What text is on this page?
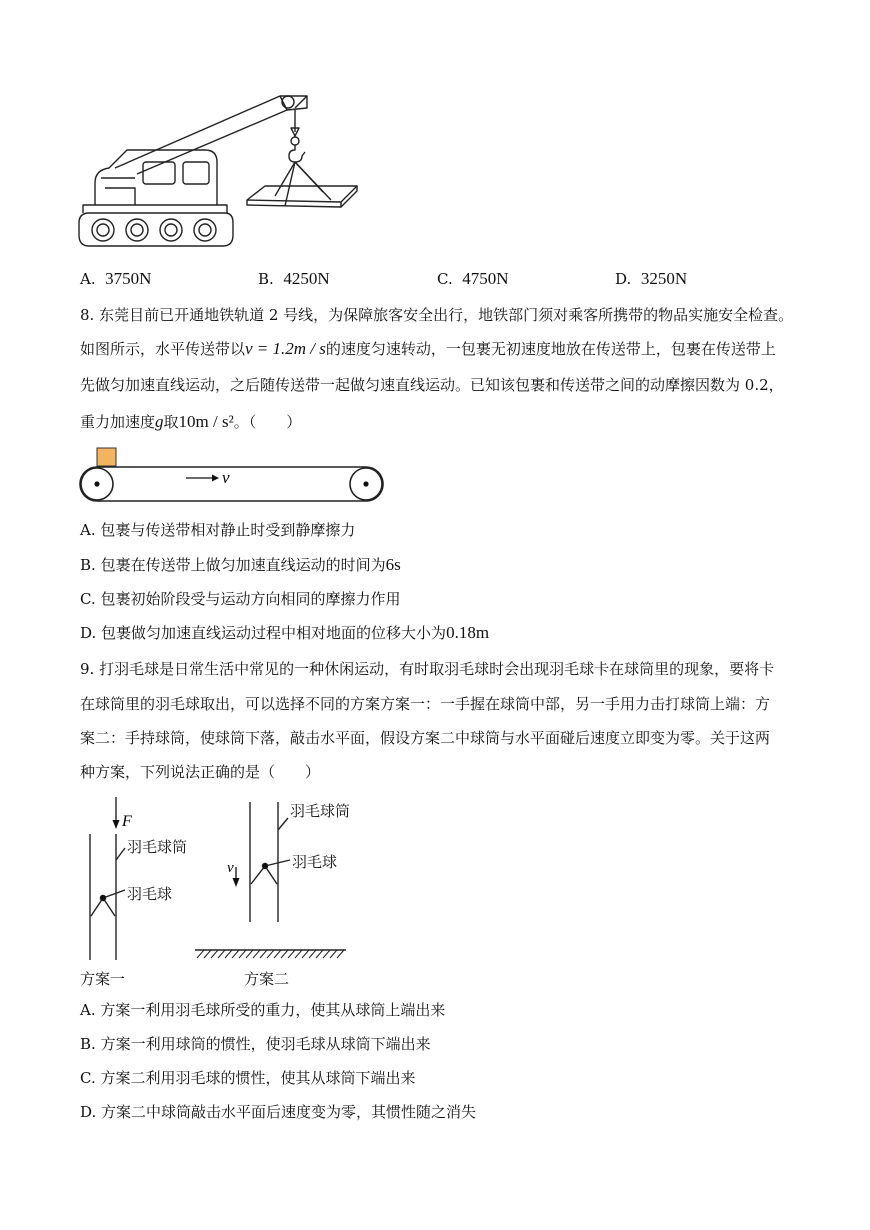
A. 3750N	B. 4250N	C. 4750N	D. 3250N
8. 东莞目前已开通地铁轨道 2 号线，为保障旅客安全出行，地铁部门须对乘客所携带的物品实施安全检查。
如图所示，水平传送带以v = 1.2m / s的速度匀速转动，一包裹无初速度地放在传送带上，包裹在传送带上
先做匀加速直线运动，之后随传送带一起做匀速直线运动。已知该包裹和传送带之间的动摩擦因数为 0.2，
重力加速度g取10m / s²。（　　）
v
A. 包裹与传送带相对静止时受到静摩擦力
B. 包裹在传送带上做匀加速直线运动的时间为6s
C. 包裹初始阶段受与运动方向相同的摩擦力作用
D. 包裹做匀加速直线运动过程中相对地面的位移大小为0.18m
9. 打羽毛球是日常生活中常见的一种休闲运动，有时取羽毛球时会出现羽毛球卡在球筒里的现象，要将卡
在球筒里的羽毛球取出，可以选择不同的方案方案一：一手握在球筒中部，另一手用力击打球筒上端：方
案二：手持球筒，使球筒下落，敲击水平面，假设方案二中球筒与水平面碰后速度立即变为零。关于这两
种方案，下列说法正确的是（　　）
F
v
羽毛球筒
羽毛球
方案一
羽毛球筒
羽毛球
方案二
A. 方案一利用羽毛球所受的重力，使其从球筒上端出来
B. 方案一利用球筒的惯性，使羽毛球从球筒下端出来
C. 方案二利用羽毛球的惯性，使其从球筒下端出来
D. 方案二中球筒敲击水平面后速度变为零，其惯性随之消失
